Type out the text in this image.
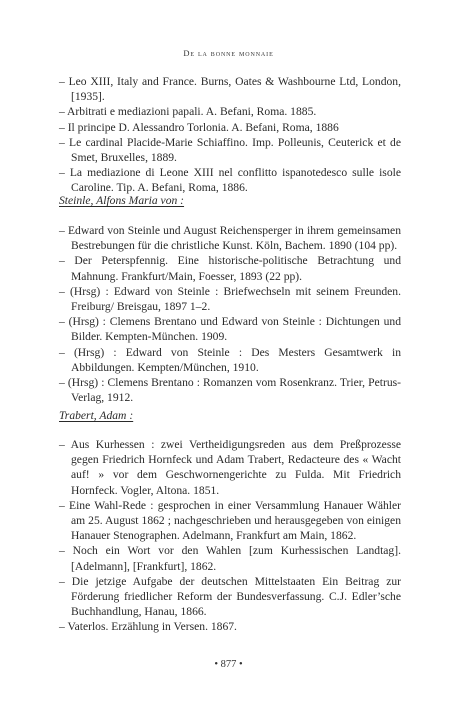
De la bonne monnaie

– Leo XIII, Italy and France. Burns, Oates & Washbourne Ltd, London, [1935].

– Arbitrati e mediazioni papali. A. Befani, Roma. 1885.

– Il principe D. Alessandro Torlonia. A. Befani, Roma, 1886

– Le cardinal Placide-Marie Schiaffino. Imp. Polleunis, Ceuterick et de Smet, Bruxelles, 1889.

– La mediazione di Leone XIII nel conflitto ispanotedesco sulle isole Caroline. Tip. A. Befani, Roma, 1886.

Steinle, Alfons Maria von :

– Edward von Steinle und August Reichensperger in ihrem gemeinsamen Bestrebungen für die christliche Kunst. Köln, Bachem. 1890 (104 pp).

– Der Peterspfennig. Eine historische-politische Betrachtung und Mahnung. Frankfurt/Main, Foesser, 1893 (22 pp).

– (Hrsg) : Edward von Steinle : Briefwechseln mit seinem Freunden. Freiburg/ Breisgau, 1897 1–2.

– (Hrsg) : Clemens Brentano und Edward von Steinle : Dichtungen und Bilder. Kempten-München. 1909.

– (Hrsg) : Edward von Steinle : Des Mesters Gesamtwerk in Abbildungen. Kempten/München, 1910.

– (Hrsg) : Clemens Brentano : Romanzen vom Rosenkranz. Trier, Petrus-Verlag, 1912.

Trabert, Adam :

– Aus Kurhessen : zwei Vertheidigungsreden aus dem Preßprozesse gegen Friedrich Hornfeck und Adam Trabert, Redacteure des « Wacht auf! » vor dem Geschwornengerichte zu Fulda. Mit Friedrich Hornfeck. Vogler, Altona. 1851.

– Eine Wahl-Rede : gesprochen in einer Versammlung Hanauer Wähler am 25. August 1862 ; nachgeschrieben und herausgegeben von einigen Hanauer Stenographen. Adelmann, Frankfurt am Main, 1862.

– Noch ein Wort vor den Wahlen [zum Kurhessischen Landtag]. [Adelmann], [Frankfurt], 1862.

– Die jetzige Aufgabe der deutschen Mittelstaaten Ein Beitrag zur Förderung friedlicher Reform der Bundesverfassung. C.J. Edler’sche Buchhandlung, Hanau, 1866.

– Vaterlos. Erzählung in Versen. 1867.

• 877 •
